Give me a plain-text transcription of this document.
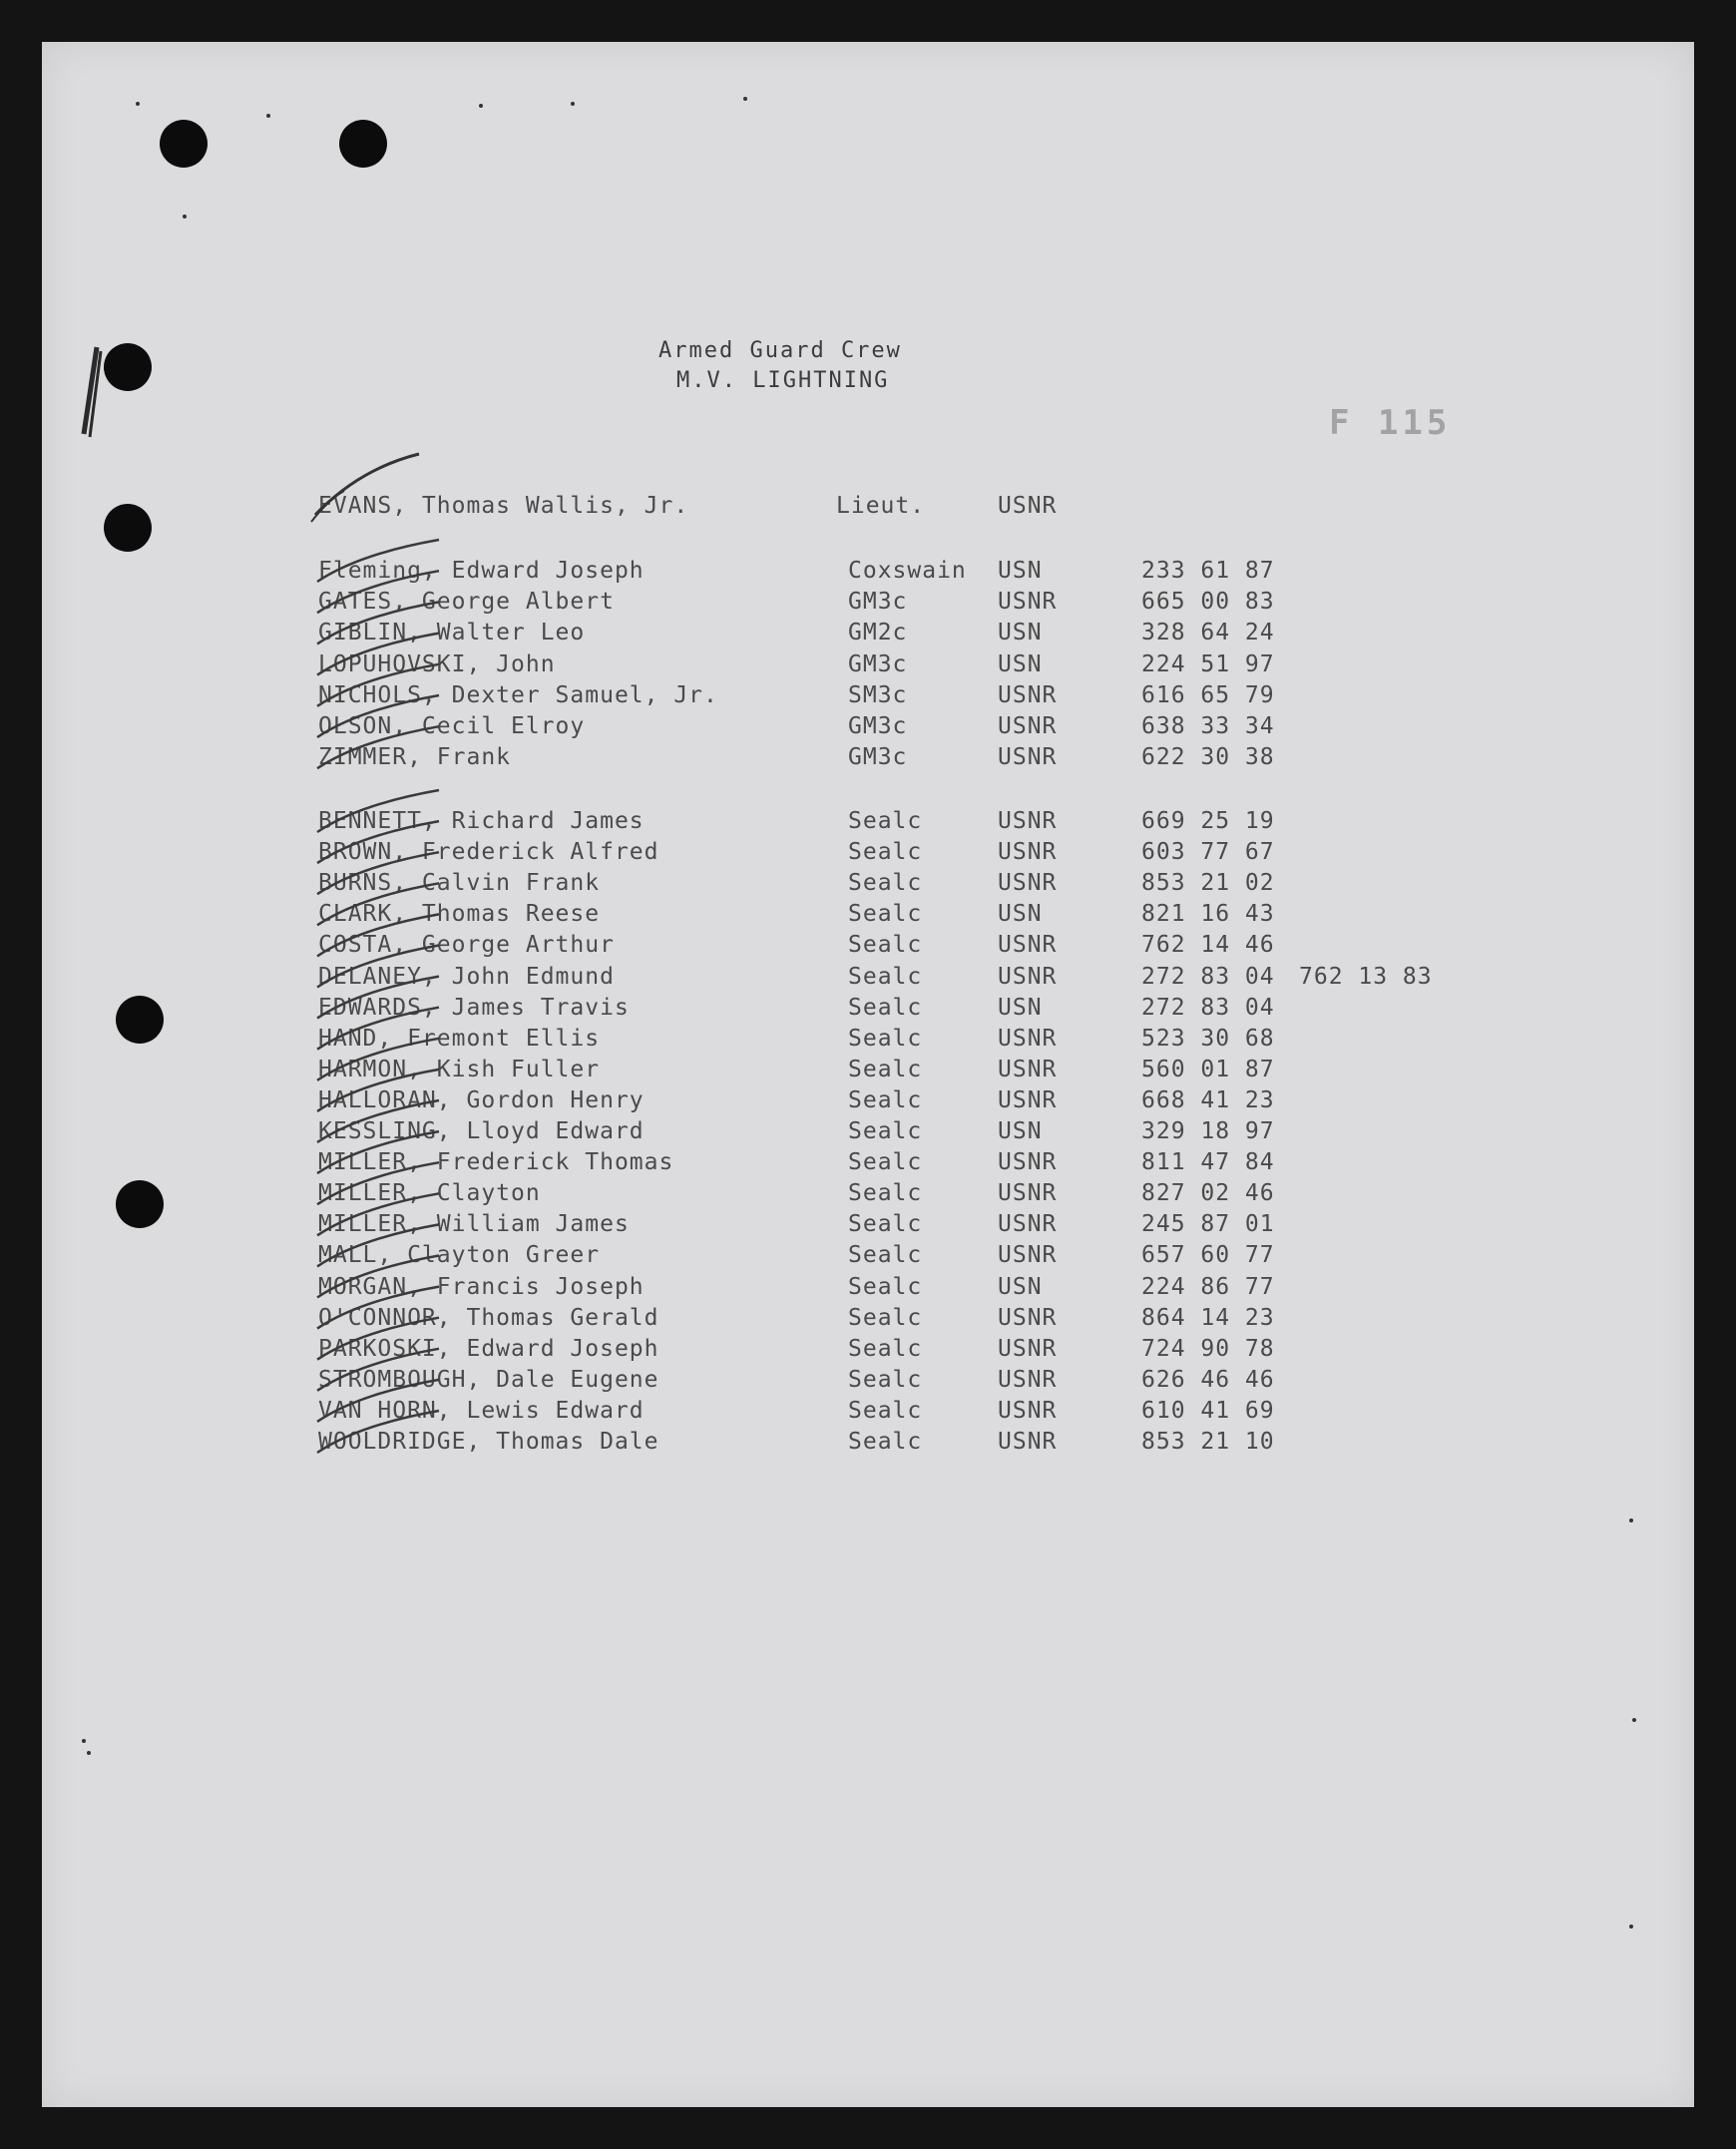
Armed Guard Crew
M.V. LIGHTNING
F 115
EVANS, Thomas Wallis, Jr.	Lieut.	USNR
Fleming, Edward Joseph	Coxswain USN	233 61 87
GATES, George Albert	GM3c	USNR	665 00 83
GIBLIN, Walter Leo	GM2c	USN	328 64 24
LOPUHOVSKI, John	GM3c	USN	224 51 97
NICHOLS, Dexter Samuel, Jr.	SM3c	USNR	616 65 79
OLSON, Cecil Elroy	GM3c	USNR	638 33 34
ZIMMER, Frank	GM3c	USNR	622 30 38
BENNETT, Richard James	Sealc	USNR	669 25 19
BROWN, Frederick Alfred	Sealc	USNR	603 77 67
BURNS, Calvin Frank	Sealc	USNR	853 21 02
CLARK, Thomas Reese	Sealc	USN	821 16 43
COSTA, George Arthur	Sealc	USNR	762 14 46
DELANEY, John Edmund	Sealc	USNR	272 83 04 762 13 83
EDWARDS, James Travis	Sealc	USN	272 83 04
HAND, Fremont Ellis	Sealc	USNR	523 30 68
HARMON, Kish Fuller	Sealc	USNR	560 01 87
HALLORAN, Gordon Henry	Sealc	USNR	668 41 23
KESSLING, Lloyd Edward	Sealc	USN	329 18 97
MILLER, Frederick Thomas	Sealc	USNR	811 47 84
MILLER, Clayton	Sealc	USNR	827 02 46
MILLER, William James	Sealc	USNR	245 87 01
MALL, Clayton Greer	Sealc	USNR	657 60 77
MORGAN, Francis Joseph	Sealc	USN	224 86 77
O'CONNOR, Thomas Gerald	Sealc	USNR	864 14 23
PARKOSKI, Edward Joseph	Sealc	USNR	724 90 78
STROMBOUGH, Dale Eugene	Sealc	USNR	626 46 46
VAN HORN, Lewis Edward	Sealc	USNR	610 41 69
WOOLDRIDGE, Thomas Dale	Sealc	USNR	853 21 10
